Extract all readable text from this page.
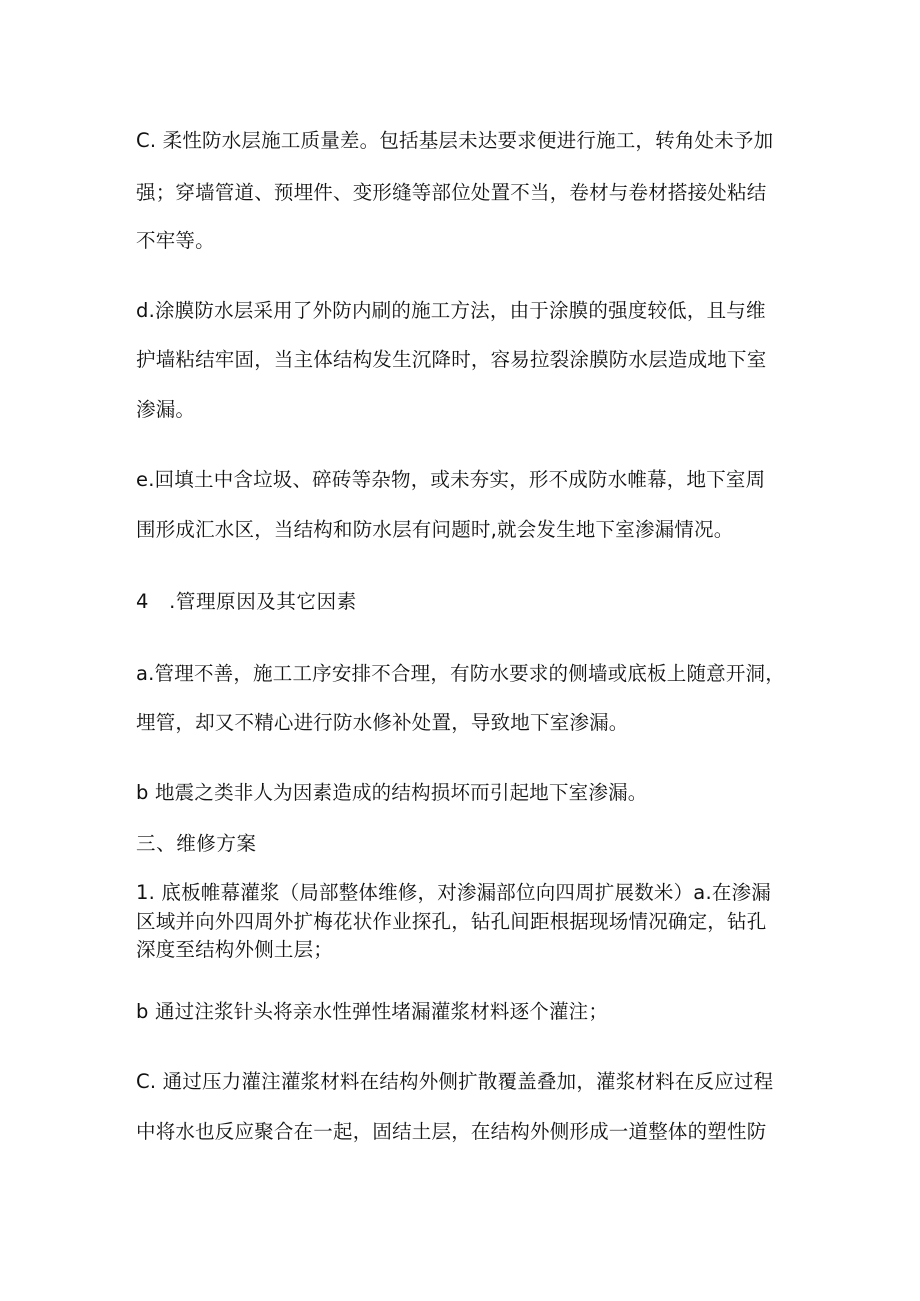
C. 柔性防水层施工质量差。包括基层未达要求便进行施工，转角处未予加
强；穿墙管道、预埋件、变形缝等部位处置不当，卷材与卷材搭接处粘结
不牢等。
d.涂膜防水层采用了外防内刷的施工方法，由于涂膜的强度较低，且与维
护墙粘结牢固，当主体结构发生沉降时，容易拉裂涂膜防水层造成地下室
渗漏。
e.回填土中含垃圾、碎砖等杂物，或未夯实，形不成防水帷幕，地下室周
围形成汇水区，当结构和防水层有问题时,就会发生地下室渗漏情况。
4　.管理原因及其它因素
a.管理不善，施工工序安排不合理，有防水要求的侧墙或底板上随意开洞，
埋管，却又不精心进行防水修补处置，导致地下室渗漏。
b 地震之类非人为因素造成的结构损坏而引起地下室渗漏。
三、维修方案
1. 底板帷幕灌浆（局部整体维修，对渗漏部位向四周扩展数米）a.在渗漏
区域并向外四周外扩梅花状作业探孔，钻孔间距根据现场情况确定，钻孔
深度至结构外侧土层；
b 通过注浆针头将亲水性弹性堵漏灌浆材料逐个灌注；
C. 通过压力灌注灌浆材料在结构外侧扩散覆盖叠加，灌浆材料在反应过程
中将水也反应聚合在一起，固结土层，在结构外侧形成一道整体的塑性防
